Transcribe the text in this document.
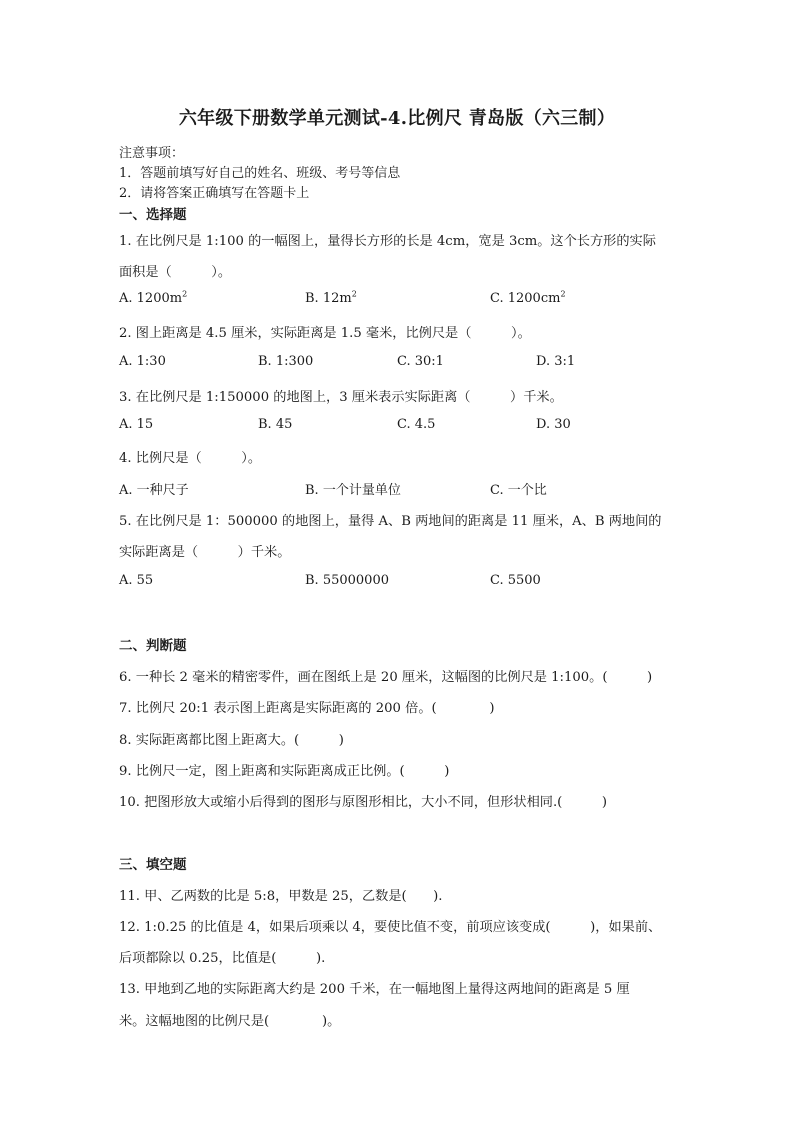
六年级下册数学单元测试-4.比例尺 青岛版（六三制）
注意事项：
1．答题前填写好自己的姓名、班级、考号等信息
2．请将答案正确填写在答题卡上
一、选择题
1. 在比例尺是 1:100 的一幅图上，量得长方形的长是 4cm，宽是 3cm。这个长方形的实际
面积是（　　　）。
A. $1200m^2$	B. $12m^2$	C. $1200cm^2$
2. 图上距离是 4.5 厘米，实际距离是 1.5 毫米，比例尺是（　　　）。
A. 1:30	B. 1:300	C. 30:1	D. 3:1
3. 在比例尺是 1:150000 的地图上，3 厘米表示实际距离（　　　）千米。
A. 15	B. 45	C. 4.5	D. 30
4. 比例尺是（　　　）。
A. 一种尺子	B. 一个计量单位	C. 一个比
5. 在比例尺是 1：500000 的地图上，量得 A、B 两地间的距离是 11 厘米，A、B 两地间的
实际距离是（　　　）千米。
A. 55	B. 55000000	C. 5500
二、判断题
6. 一种长 2 毫米的精密零件，画在图纸上是 20 厘米，这幅图的比例尺是 1:100。(　　　)
7. 比例尺 20:1 表示图上距离是实际距离的 200 倍。(　　　　)
8. 实际距离都比图上距离大。(　　　)
9. 比例尺一定，图上距离和实际距离成正比例。(　　　)
10. 把图形放大或缩小后得到的图形与原图形相比，大小不同，但形状相同.(　　　)
三、填空题
11. 甲、乙两数的比是 5:8，甲数是 25，乙数是(　　).
12. 1:0.25 的比值是 4，如果后项乘以 4，要使比值不变，前项应该变成(　　　)，如果前、
后项都除以 0.25，比值是(　　　).
13. 甲地到乙地的实际距离大约是 200 千米，在一幅地图上量得这两地间的距离是 5 厘
米。这幅地图的比例尺是(　　　　)。
